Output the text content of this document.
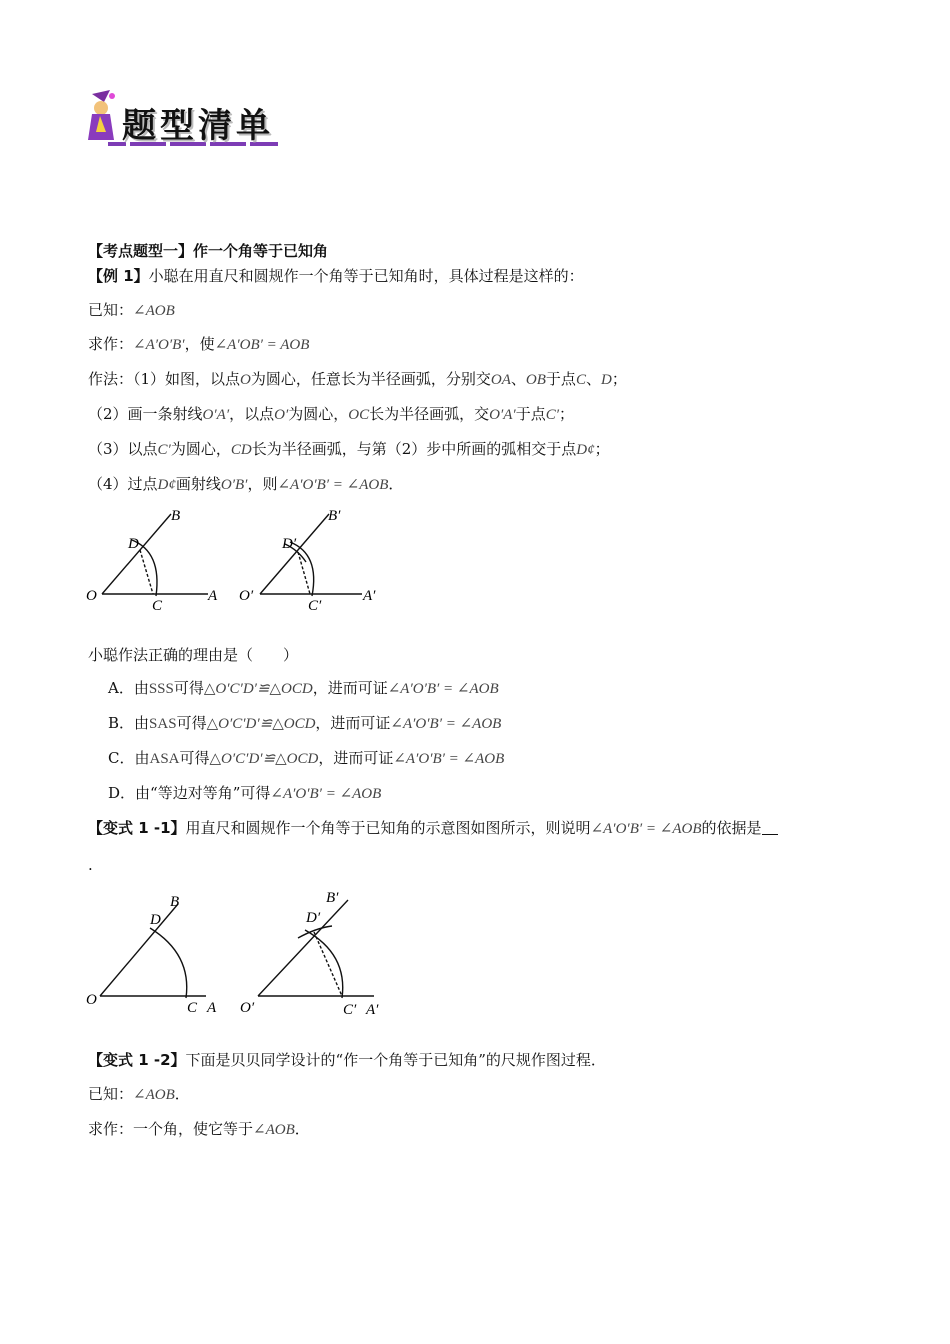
题型清单
【考点题型一】作一个角等于已知角
【例 1】小聪在用直尺和圆规作一个角等于已知角时，具体过程是这样的：
已知：∠AOB
求作：∠A′O′B′，使∠A′OB′ = AOB
作法：（1）如图，以点O为圆心，任意长为半径画弧，分别交OA、OB于点C、D；
（2）画一条射线O′A′，以点O′为圆心，OC长为半径画弧，交O′A′于点C′；
（3）以点C′为圆心，CD长为半径画弧，与第（2）步中所画的弧相交于点D¢；
（4）过点D¢画射线O′B′，则∠A′O′B′ = ∠AOB．
O	A
B
C
D
O′	A′
B′
C′
D′
小聪作法正确的理由是（　　）
A．由SSS可得△O′C′D′≌△OCD，进而可证∠A′O′B′ = ∠AOB
B．由SAS可得△O′C′D′≌△OCD，进而可证∠A′O′B′ = ∠AOB
C．由ASA可得△O′C′D′≌△OCD，进而可证∠A′O′B′ = ∠AOB
D．由“等边对等角”可得∠A′O′B′ = ∠AOB
【变式 1 -1】用直尺和圆规作一个角等于已知角的示意图如图所示，则说明∠A′O′B′ = ∠AOB的依据是
.
O	A
B
C
D
O′	A′
B′
C′
D′
【变式 1 -2】下面是贝贝同学设计的“作一个角等于已知角”的尺规作图过程．
已知：∠AOB．
求作：一个角，使它等于∠AOB．
